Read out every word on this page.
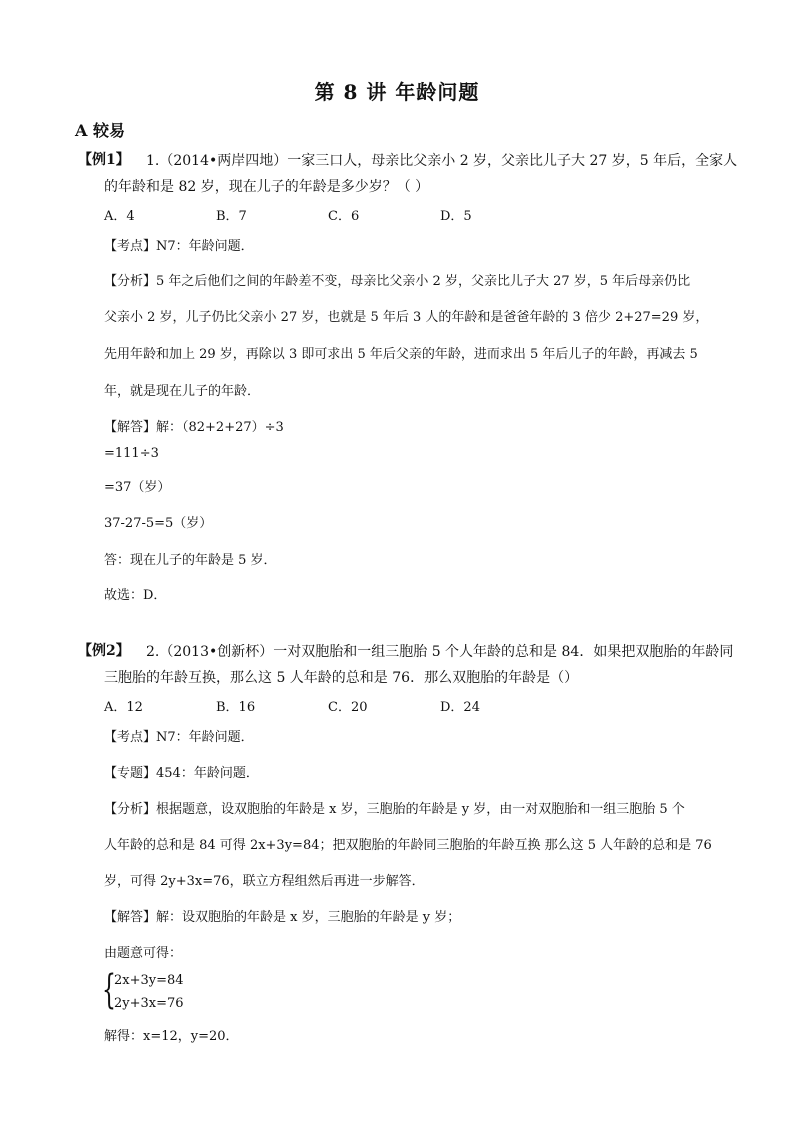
第 8 讲 年龄问题
A 较易
【例1】 1.（2014•两岸四地）一家三口人，母亲比父亲小 2 岁，父亲比儿子大 27 岁，5 年后，全家人
的年龄和是 82 岁，现在儿子的年龄是多少岁？（ ）
A．4	B．7	C．6	D．5
【考点】N7：年龄问题．
【分析】5 年之后他们之间的年龄差不变，母亲比父亲小 2 岁，父亲比儿子大 27 岁，5 年后母亲仍比
父亲小 2 岁，儿子仍比父亲小 27 岁，也就是 5 年后 3 人的年龄和是爸爸年龄的 3 倍少 2+27=29 岁，
先用年龄和加上 29 岁，再除以 3 即可求出 5 年后父亲的年龄，进而求出 5 年后儿子的年龄，再减去 5
年，就是现在儿子的年龄．
【解答】解：（82+2+27）÷3
=111÷3
=37（岁）
37-27-5=5（岁）
答：现在儿子的年龄是 5 岁．
故选：D．
【例2】 2.（2013•创新杯）一对双胞胎和一组三胞胎 5 个人年龄的总和是 84．如果把双胞胎的年龄同
三胞胎的年龄互换，那么这 5 人年龄的总和是 76．那么双胞胎的年龄是（）
A．12	B．16	C．20	D．24
【考点】N7：年龄问题．
【专题】454：年龄问题．
【分析】根据题意，设双胞胎的年龄是 x 岁，三胞胎的年龄是 y 岁，由一对双胞胎和一组三胞胎 5 个
人年龄的总和是 84 可得 2x+3y=84；把双胞胎的年龄同三胞胎的年龄互换 那么这 5 人年龄的总和是 76
岁，可得 2y+3x=76，联立方程组然后再进一步解答．
【解答】解：设双胞胎的年龄是 x 岁，三胞胎的年龄是 y 岁；
由题意可得：
{
2x+3y=84
2y+3x=76
解得：x=12，y=20．
